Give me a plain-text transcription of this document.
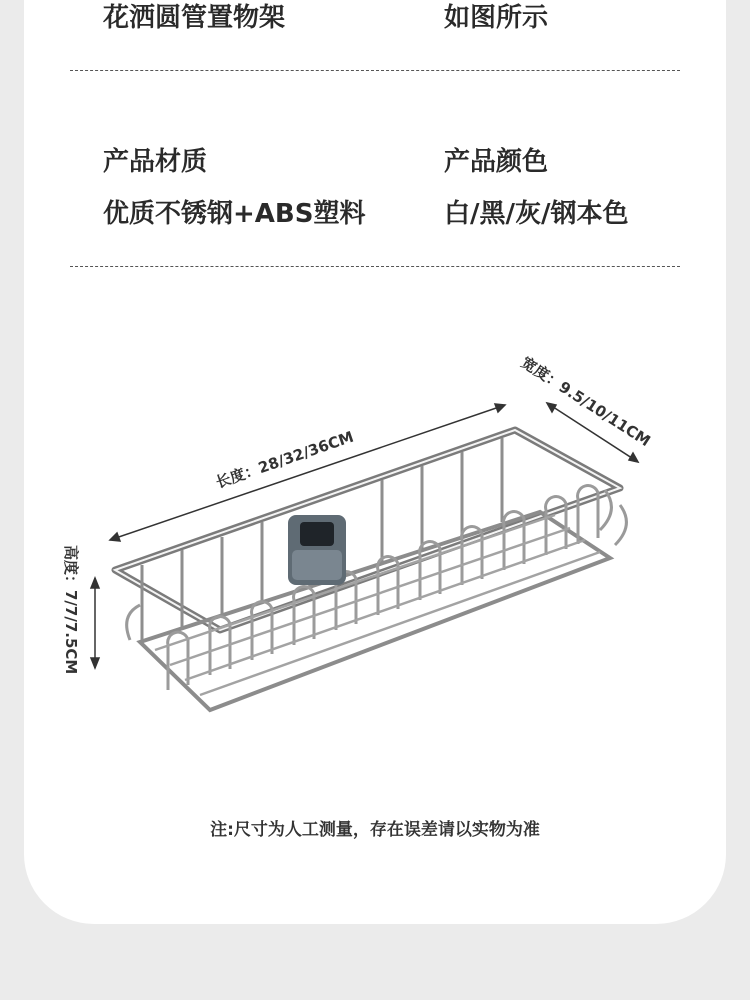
花洒圆管置物架	如图所示
产品材质	产品颜色
优质不锈钢+ABS塑料	白/黑/灰/钢本色
长度：28/32/36CM
宽度：9.5/10/11CM
高度：7/7/7.5CM
注:尺寸为人工测量，存在误差请以实物为准
